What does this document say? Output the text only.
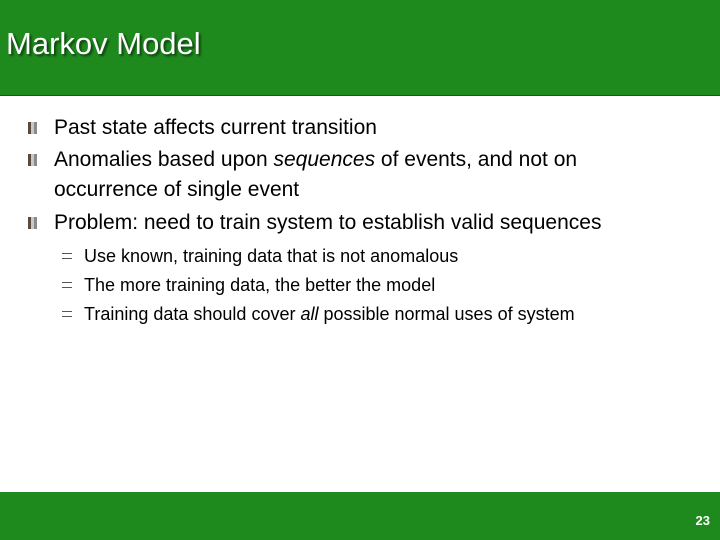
Markov Model
Past state affects current transition
Anomalies based upon sequences of events, and not on
occurrence of single event
Problem: need to train system to establish valid sequences
Use known, training data that is not anomalous
The more training data, the better the model
Training data should cover all possible normal uses of system
23
